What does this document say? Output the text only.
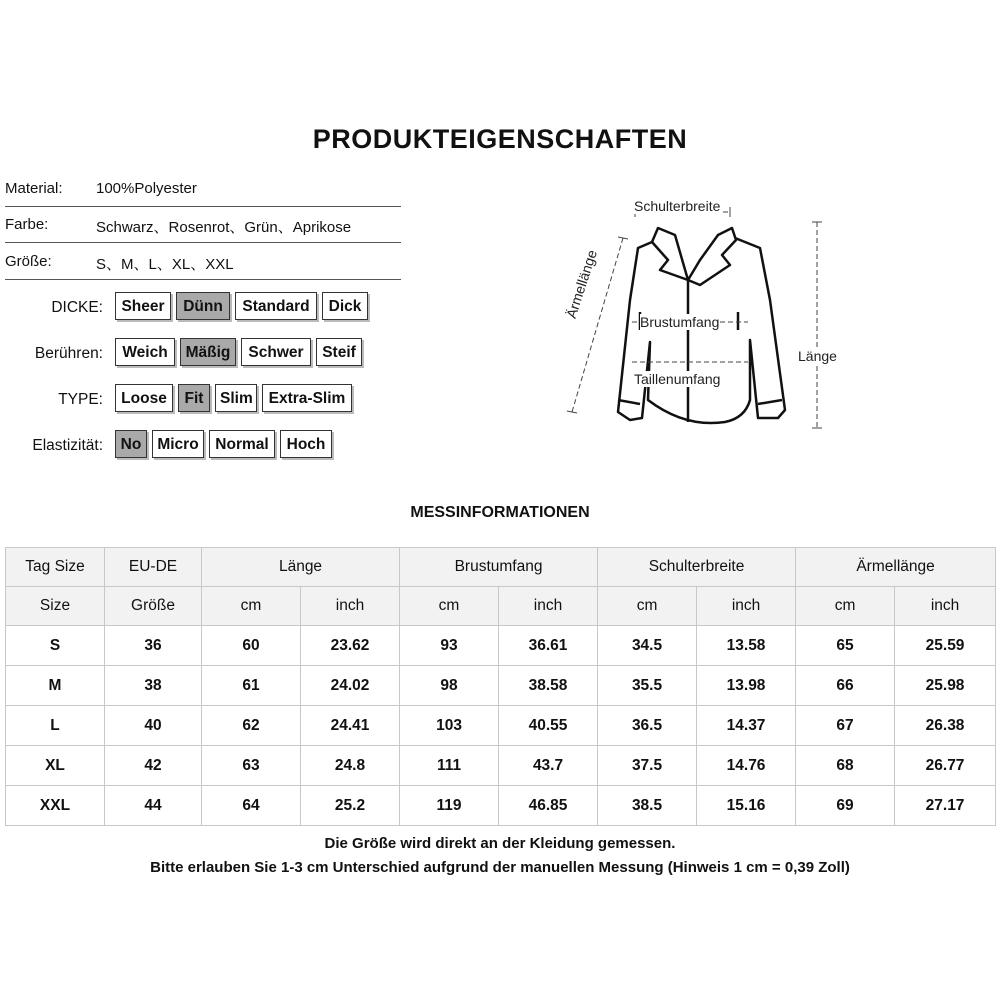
PRODUKTEIGENSCHAFTEN
Material: 100%Polyester
Farbe:	Schwarz、Rosenrot、Grün、Aprikose
Größe:	S、M、L、XL、XXL
DICKE:	Sheer	Dünn	Standard	Dick
Berühren:	Weich	Mäßig	Schwer	Steif
TYPE:	Loose	Fit	Slim	Extra-Slim
Elastizität:	No	Micro	Normal	Hoch
Schulterbreite
Brustumfang
Taillenumfang
Länge
Ärmellänge
MESSINFORMATIONEN
Tag Size	EU-DE	Länge		Brustumfang		Schulterbreite		Ärmellänge	
Size	Größe	cm	inch	cm	inch	cm	inch	cm	inch
S	36	60	23.62	93	36.61	34.5	13.58	65	25.59
M	38	61	24.02	98	38.58	35.5	13.98	66	25.98
L	40	62	24.41	103	40.55	36.5	14.37	67	26.38
XL	42	63	24.8	111	43.7	37.5	14.76	68	26.77
XXL	44	64	25.2	119	46.85	38.5	15.16	69	27.17
Die Größe wird direkt an der Kleidung gemessen.
Bitte erlauben Sie 1-3 cm Unterschied aufgrund der manuellen Messung (Hinweis 1 cm = 0,39 Zoll)
